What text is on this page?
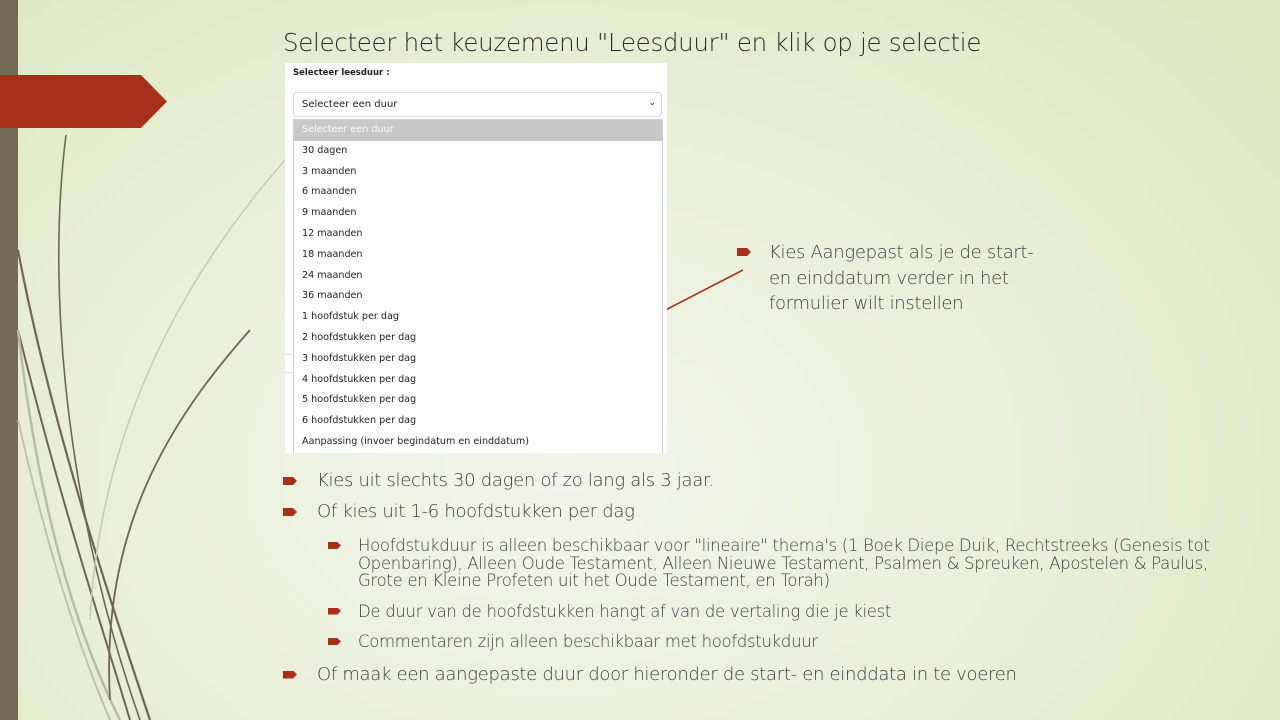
Selecteer het keuzemenu "Leesduur" en klik op je selectie
Selecteer leesduur :
Selecteer een duur	⌄
Selecteer een duur
30 dagen
3 maanden
6 maanden
9 maanden
12 maanden
18 maanden
24 maanden
36 maanden
1 hoofdstuk per dag
2 hoofdstukken per dag
3 hoofdstukken per dag
4 hoofdstukken per dag
5 hoofdstukken per dag
6 hoofdstukken per dag
Aanpassing (invoer begindatum en einddatum)
Kies Aangepast als je de start-
en einddatum verder in het
formulier wilt instellen
Kies uit slechts 30 dagen of zo lang als 3 jaar.
Of kies uit 1-6 hoofdstukken per dag
Hoofdstukduur is alleen beschikbaar voor "lineaire" thema's (1 Boek Diepe Duik, Rechtstreeks (Genesis tot Openbaring), Alleen Oude Testament, Alleen Nieuwe Testament, Psalmen & Spreuken, Apostelen & Paulus, Grote en Kleine Profeten uit het Oude Testament, en Torah)
De duur van de hoofdstukken hangt af van de vertaling die je kiest
Commentaren zijn alleen beschikbaar met hoofdstukduur
Of maak een aangepaste duur door hieronder de start- en einddata in te voeren
